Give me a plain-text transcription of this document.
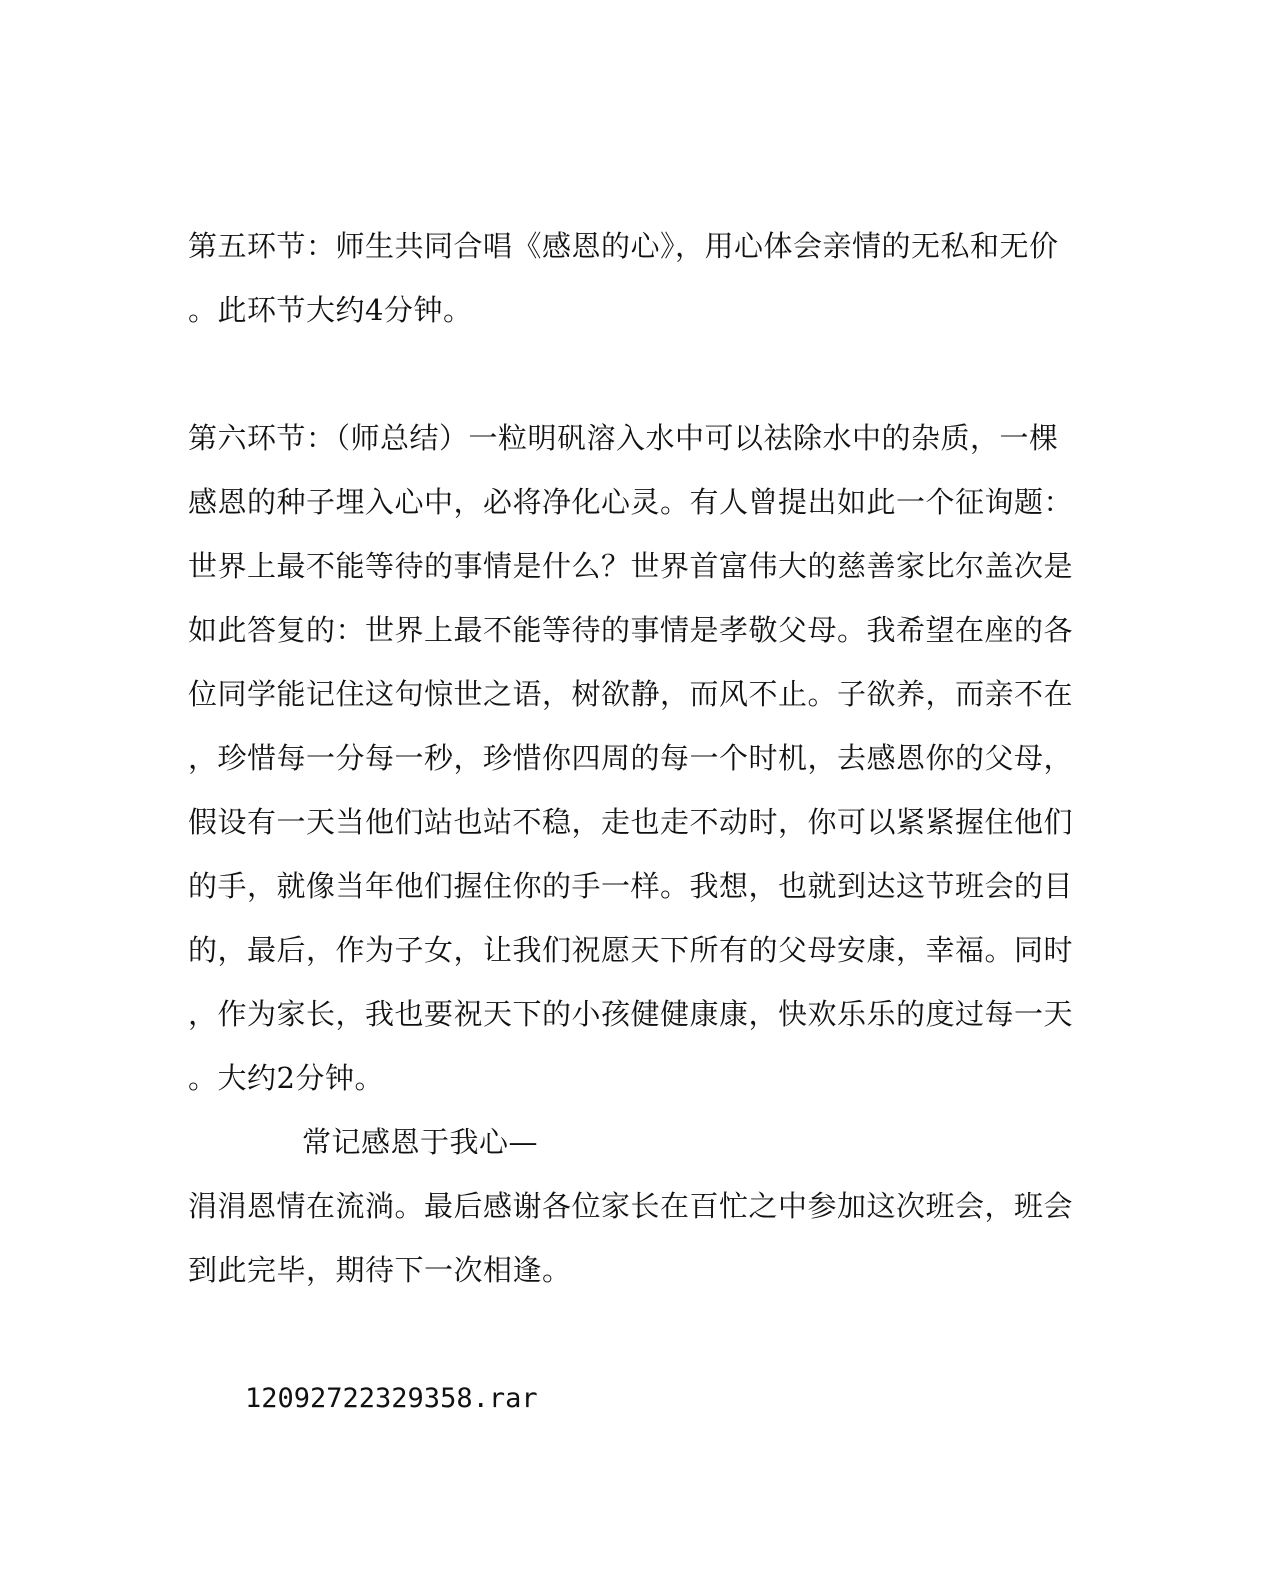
第五环节：师生共同合唱《感恩的心》，用心体会亲情的无私和无价
。此环节大约4分钟。
第六环节：（师总结）一粒明矾溶入水中可以祛除水中的杂质，一棵
感恩的种子埋入心中，必将净化心灵。有人曾提出如此一个征询题：
世界上最不能等待的事情是什么？世界首富伟大的慈善家比尔盖次是
如此答复的：世界上最不能等待的事情是孝敬父母。我希望在座的各
位同学能记住这句惊世之语，树欲静，而风不止。子欲养，而亲不在
，珍惜每一分每一秒，珍惜你四周的每一个时机，去感恩你的父母，
假设有一天当他们站也站不稳，走也走不动时，你可以紧紧握住他们
的手，就像当年他们握住你的手一样。我想，也就到达这节班会的目
的，最后，作为子女，让我们祝愿天下所有的父母安康，幸福。同时
，作为家长，我也要祝天下的小孩健健康康，快欢乐乐的度过每一天
。大约2分钟。
常记感恩于我心—
涓涓恩情在流淌。最后感谢各位家长在百忙之中参加这次班会，班会
到此完毕，期待下一次相逢。
12092722329358.rar
